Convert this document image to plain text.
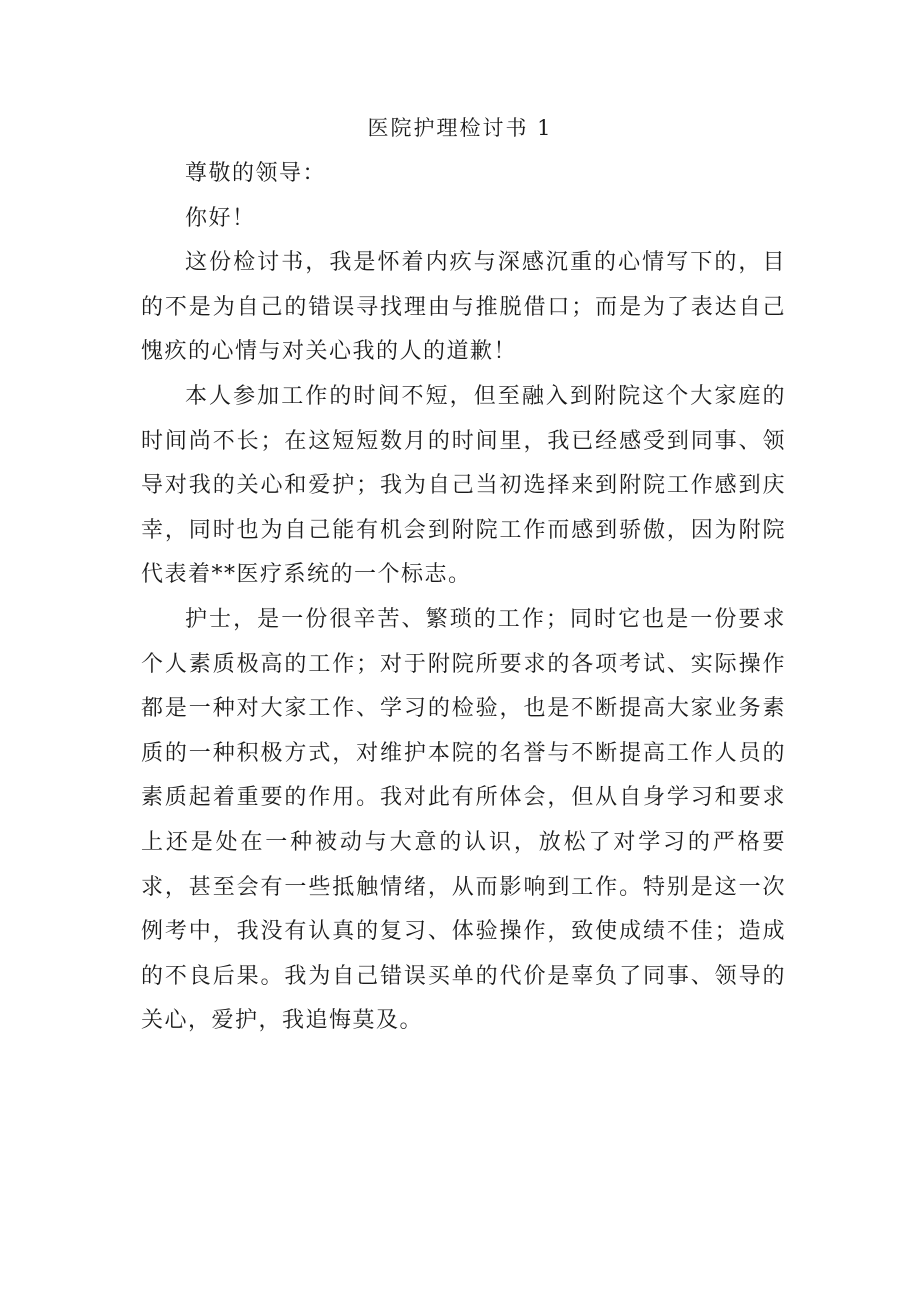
医院护理检讨书 1

尊敬的领导：

你好！

这份检讨书，我是怀着内疚与深感沉重的心情写下的，目的不是为自己的错误寻找理由与推脱借口；而是为了表达自己愧疚的心情与对关心我的人的道歉！

本人参加工作的时间不短，但至融入到附院这个大家庭的时间尚不长；在这短短数月的时间里，我已经感受到同事、领导对我的关心和爱护；我为自己当初选择来到附院工作感到庆幸，同时也为自己能有机会到附院工作而感到骄傲，因为附院代表着**医疗系统的一个标志。

护士，是一份很辛苦、繁琐的工作；同时它也是一份要求个人素质极高的工作；对于附院所要求的各项考试、实际操作都是一种对大家工作、学习的检验，也是不断提高大家业务素质的一种积极方式，对维护本院的名誉与不断提高工作人员的素质起着重要的作用。我对此有所体会，但从自身学习和要求上还是处在一种被动与大意的认识，放松了对学习的严格要求，甚至会有一些抵触情绪，从而影响到工作。特别是这一次例考中，我没有认真的复习、体验操作，致使成绩不佳；造成的不良后果。我为自己错误买单的代价是辜负了同事、领导的关心，爱护，我追悔莫及。
